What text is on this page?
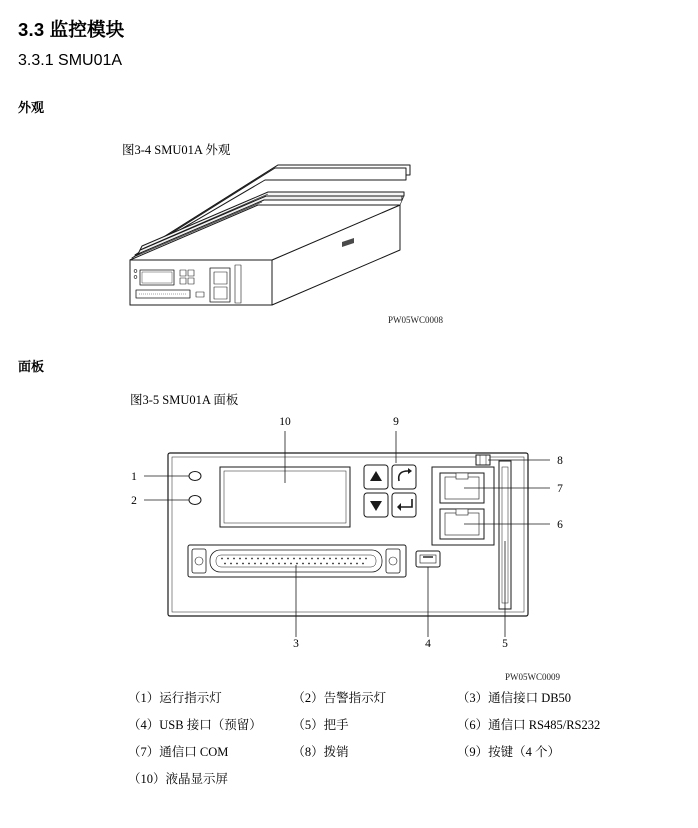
3.3 监控模块
3.3.1 SMU01A
外观
图3-4 SMU01A 外观
PW05WC0008
面板
图3-5 SMU01A 面板
PW05WC0009
1
2
3	4	5
6
7
8
9
10
（1）运行指示灯	（2）告警指示灯	（3）通信接口 DB50
（4）USB 接口（预留）	（5）把手	（6）通信口 RS485/RS232
（7）通信口 COM	（8）拨销	（9）按键（4 个）
（10）液晶显示屏
